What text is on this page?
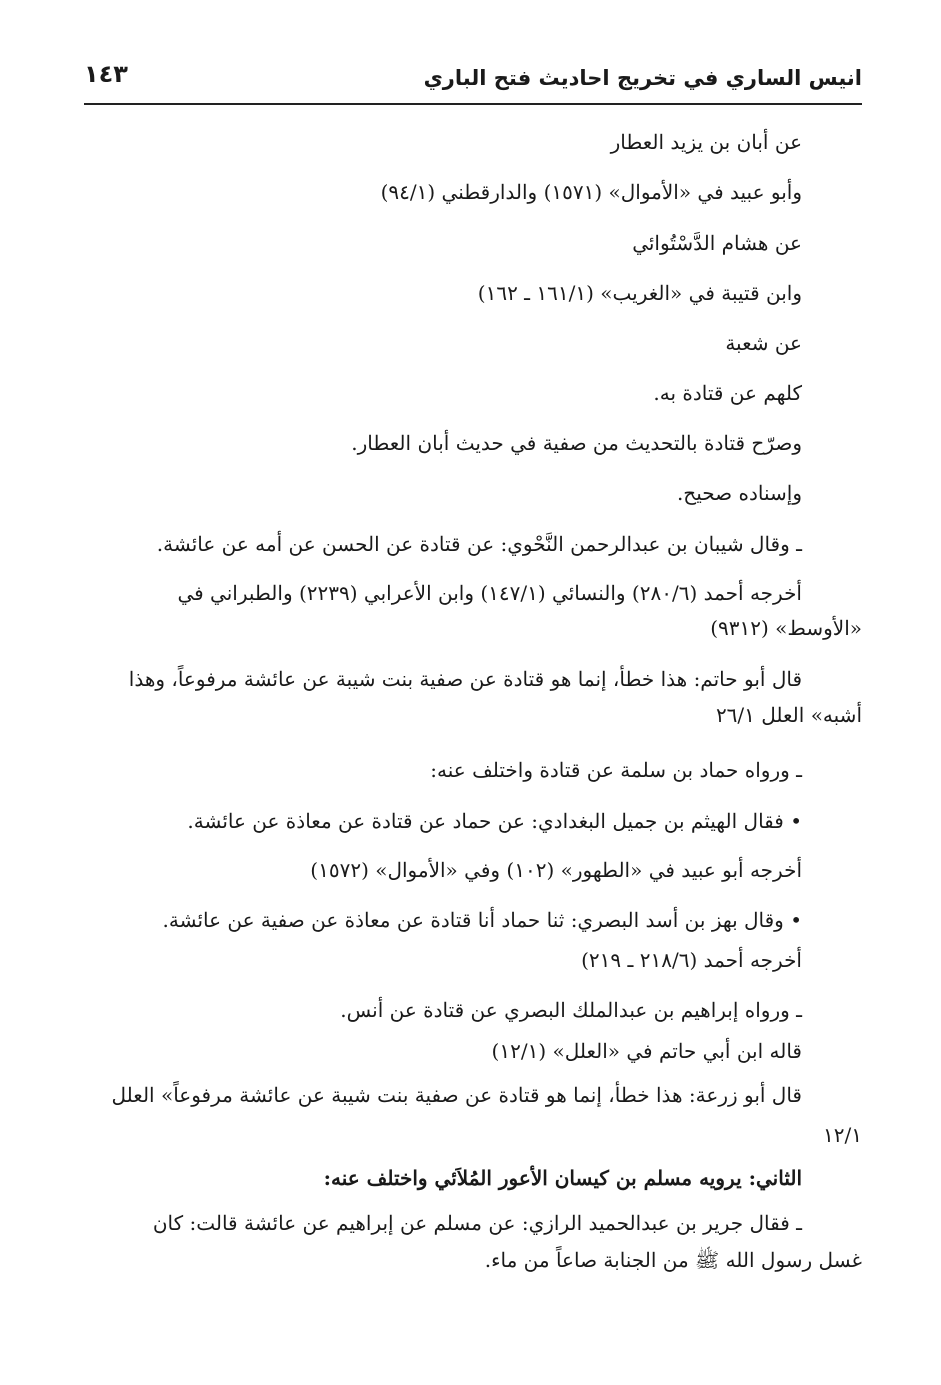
انيس الساري في تخريج احاديث فتح الباري
١٤٣
عن أبان بن يزيد العطار
وأبو عبيد في «الأموال» (١٥٧١) والدارقطني (٩٤/١)
عن هشام الدَّسْتُوائي
وابن قتيبة في «الغريب» (١٦١/١ ـ ١٦٢)
عن شعبة
كلهم عن قتادة به.
وصرّح قتادة بالتحديث من صفية في حديث أبان العطار.
وإسناده صحيح.
ـ وقال شيبان بن عبدالرحمن النَّحْوي: عن قتادة عن الحسن عن أمه عن عائشة.
أخرجه أحمد (٢٨٠/٦) والنسائي (١٤٧/١) وابن الأعرابي (٢٢٣٩) والطبراني في
«الأوسط» (٩٣١٢)
قال أبو حاتم: هذا خطأ، إنما هو قتادة عن صفية بنت شيبة عن عائشة مرفوعاً، وهذا
أشبه» العلل ٢٦/١
ـ ورواه حماد بن سلمة عن قتادة واختلف عنه:
• فقال الهيثم بن جميل البغدادي: عن حماد عن قتادة عن معاذة عن عائشة.
أخرجه أبو عبيد في «الطهور» (١٠٢) وفي «الأموال» (١٥٧٢)
• وقال بهز بن أسد البصري: ثنا حماد أنا قتادة عن معاذة عن صفية عن عائشة.
أخرجه أحمد (٢١٨/٦ ـ ٢١٩)
ـ ورواه إبراهيم بن عبدالملك البصري عن قتادة عن أنس.
قاله ابن أبي حاتم في «العلل» (١٢/١)
قال أبو زرعة: هذا خطأ، إنما هو قتادة عن صفية بنت شيبة عن عائشة مرفوعاً» العلل
١٢/١
الثاني: يرويه مسلم بن كيسان الأعور المُلاَئي واختلف عنه:
ـ فقال جرير بن عبدالحميد الرازي: عن مسلم عن إبراهيم عن عائشة قالت: كان
غسل رسول الله ﷺ من الجنابة صاعاً من ماء.
